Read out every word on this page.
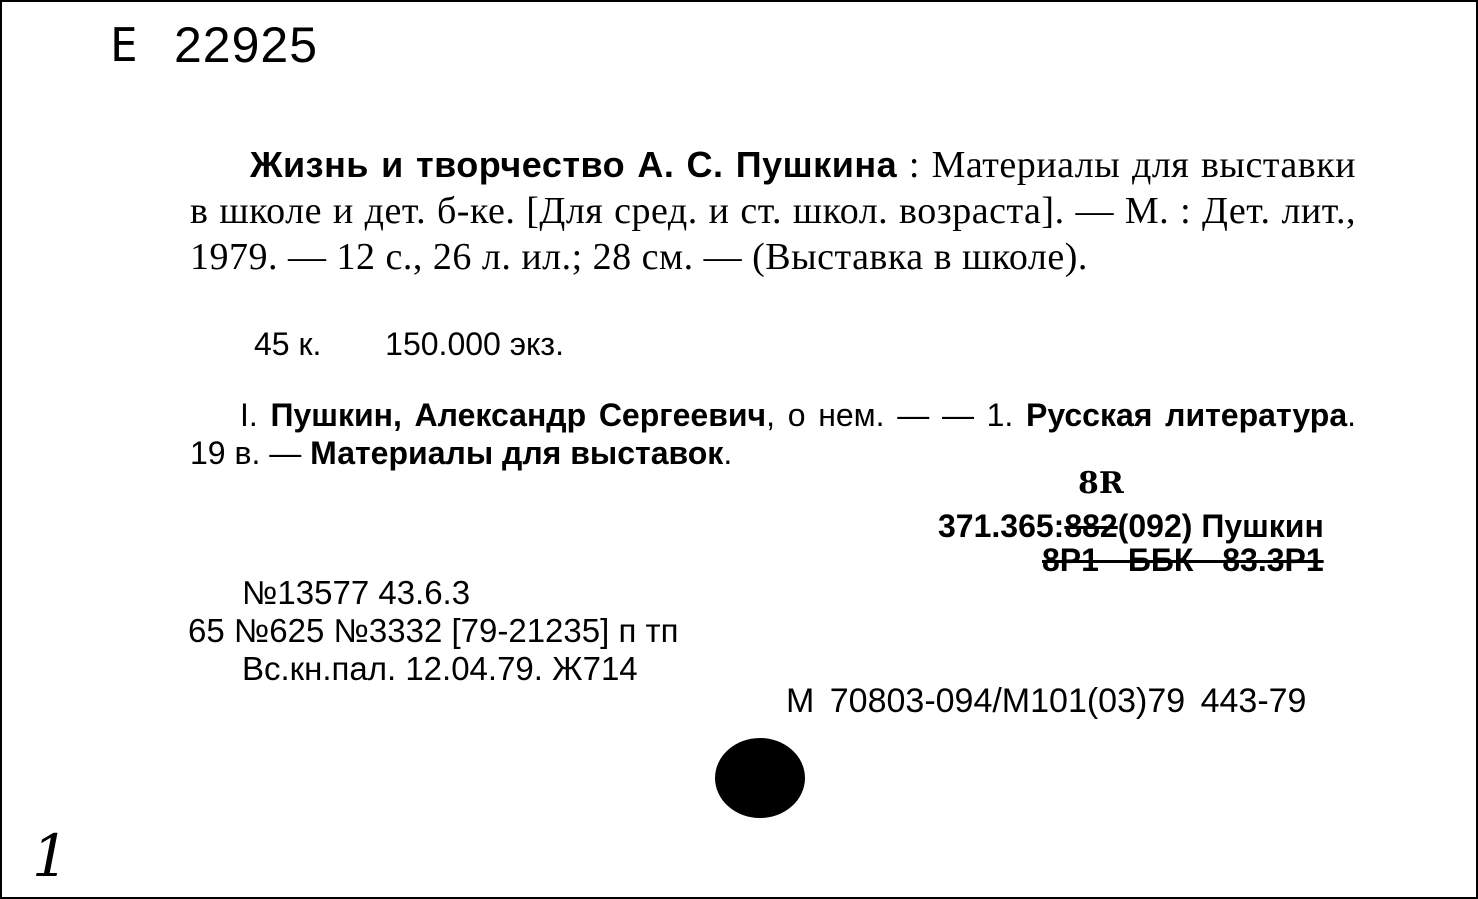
Е 22925
Жизнь и творчество А. С. Пушкина : Материалы для выставки в школе и дет. б-ке. [Для сред. и ст. школ. возраста]. — М. : Дет. лит., 1979. — 12 с., 26 л. ил.; 28 см. — (Выставка в школе).
45 к. 150.000 экз.
I. Пушкин, Александр Сергеевич, о нем. — — 1. Русская литература. 19 в. — Материалы для выставок.
8R
371.365:882(092) Пушкин
8Р1 ББК 83.3Р1
№13577 43.6.3
65 №625 №3332 [79-21235] п тп
Вс.кн.пал. 12.04.79. Ж714
М 70803-094/М101(03)79 443-79
1
